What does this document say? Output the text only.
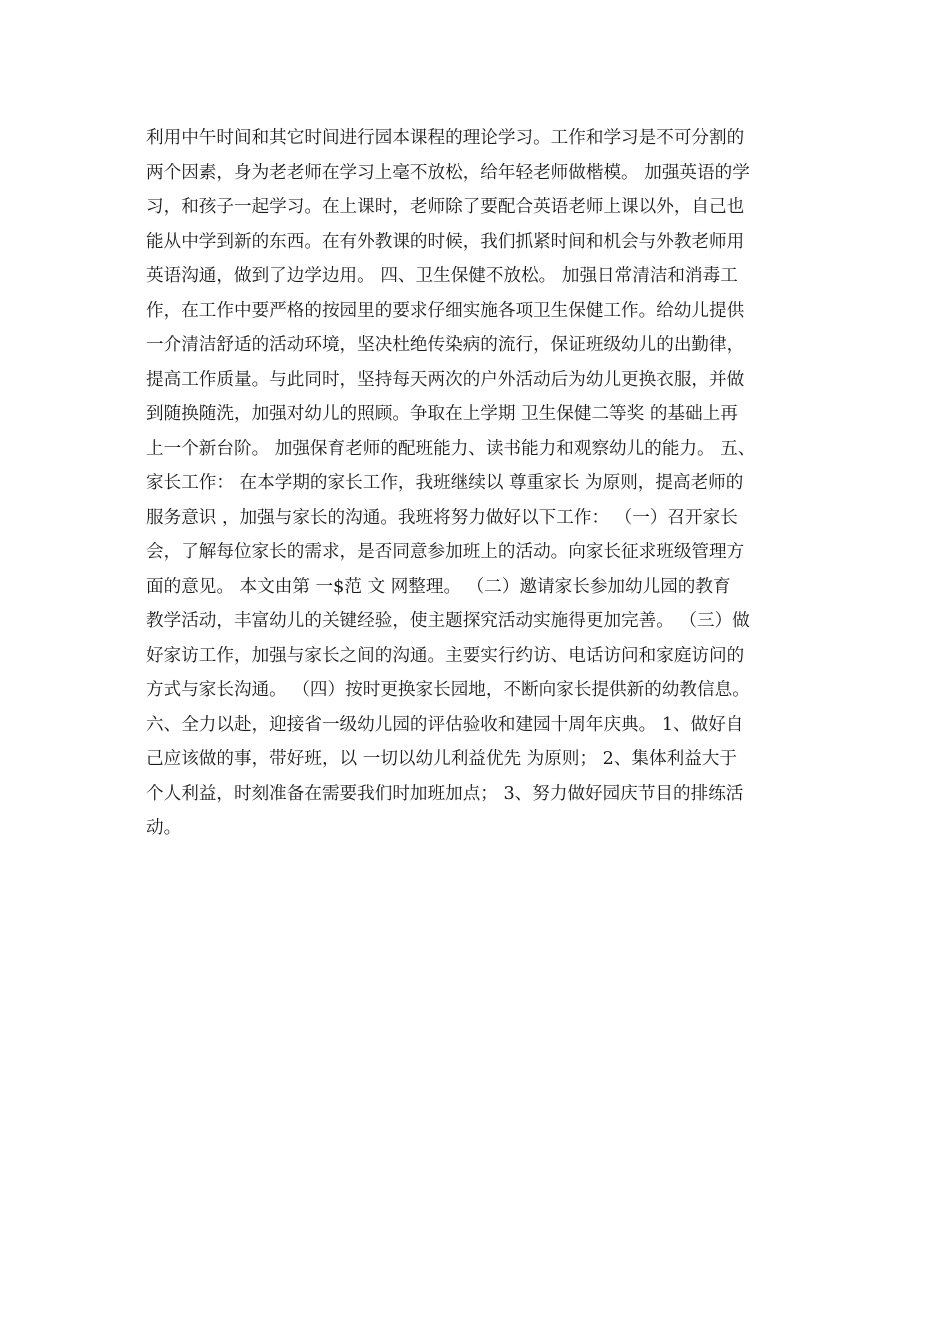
利用中午时间和其它时间进行园本课程的理论学习。工作和学习是不可分割的
两个因素，身为老老师在学习上毫不放松，给年轻老师做楷模。 加强英语的学
习，和孩子一起学习。在上课时，老师除了要配合英语老师上课以外，自己也
能从中学到新的东西。在有外教课的时候，我们抓紧时间和机会与外教老师用
英语沟通，做到了边学边用。 四、卫生保健不放松。 加强日常清洁和消毒工
作，在工作中要严格的按园里的要求仔细实施各项卫生保健工作。给幼儿提供
一介清洁舒适的活动环境，坚决杜绝传染病的流行，保证班级幼儿的出勤律，
提高工作质量。与此同时，坚持每天两次的户外活动后为幼儿更换衣服，并做
到随换随洗，加强对幼儿的照顾。争取在上学期 卫生保健二等奖 的基础上再
上一个新台阶。 加强保育老师的配班能力、读书能力和观察幼儿的能力。 五、
家长工作： 在本学期的家长工作，我班继续以 尊重家长 为原则，提高老师的
服务意识 ，加强与家长的沟通。我班将努力做好以下工作： （一）召开家长
会，了解每位家长的需求，是否同意参加班上的活动。向家长征求班级管理方
面的意见。 本文由第 一$范 文 网整理。 （二）邀请家长参加幼儿园的教育
教学活动，丰富幼儿的关键经验，使主题探究活动实施得更加完善。 （三）做
好家访工作，加强与家长之间的沟通。主要实行约访、电话访问和家庭访问的
方式与家长沟通。 （四）按时更换家长园地，不断向家长提供新的幼教信息。
六、全力以赴，迎接省一级幼儿园的评估验收和建园十周年庆典。 1、做好自
己应该做的事，带好班，以 一切以幼儿利益优先 为原则； 2、集体利益大于
个人利益，时刻准备在需要我们时加班加点； 3、努力做好园庆节目的排练活
动。
